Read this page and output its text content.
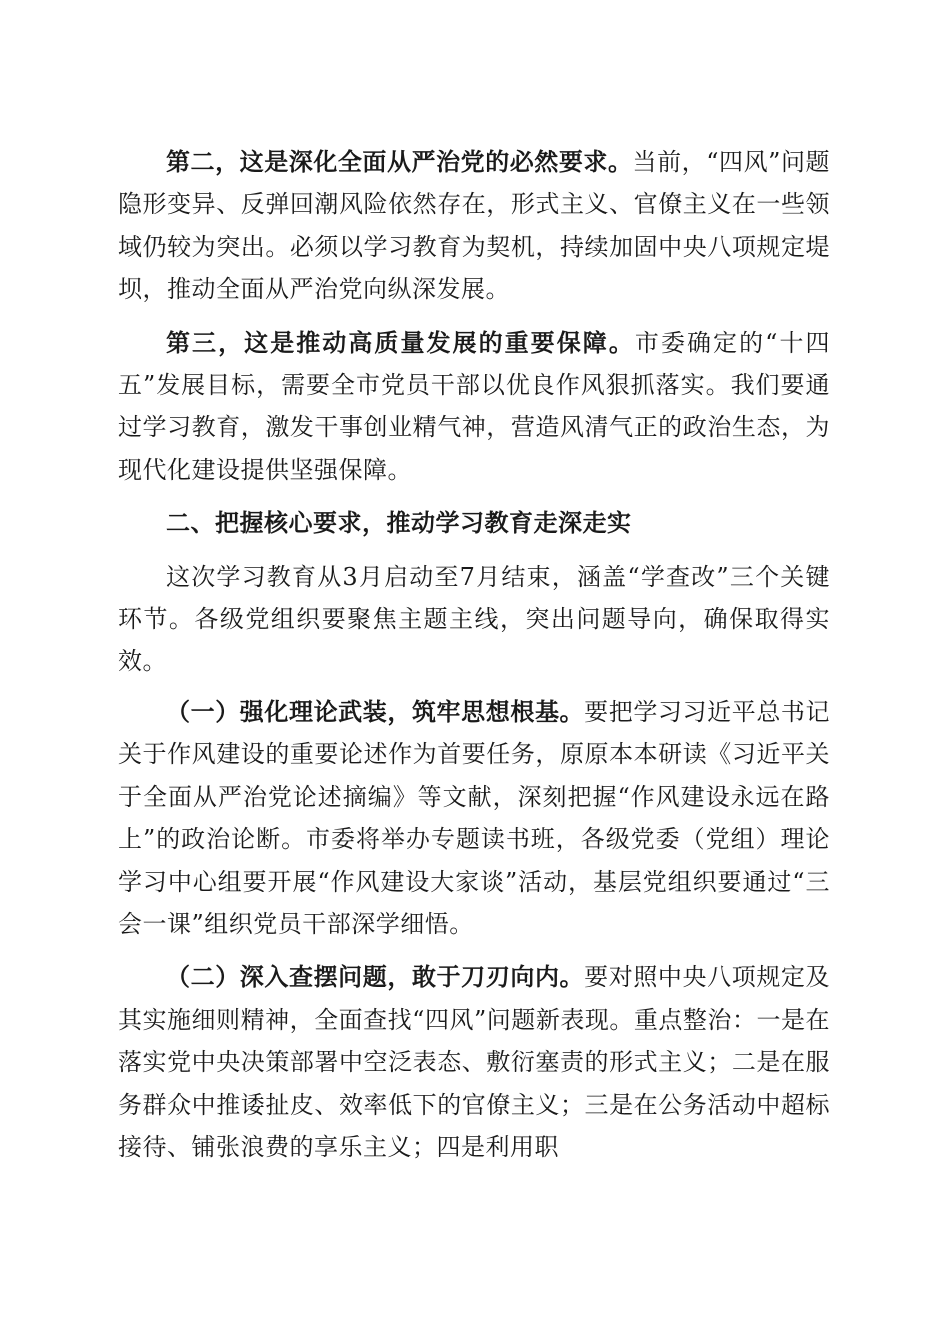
第二，这是深化全面从严治党的必然要求。当前，“四风”问题隐形变异、反弹回潮风险依然存在，形式主义、官僚主义在一些领域仍较为突出。必须以学习教育为契机，持续加固中央八项规定堤坝，推动全面从严治党向纵深发展。

第三，这是推动高质量发展的重要保障。市委确定的“十四五”发展目标，需要全市党员干部以优良作风狠抓落实。我们要通过学习教育，激发干事创业精气神，营造风清气正的政治生态，为现代化建设提供坚强保障。

二、把握核心要求，推动学习教育走深走实

这次学习教育从3月启动至7月结束，涵盖“学查改”三个关键环节。各级党组织要聚焦主题主线，突出问题导向，确保取得实效。

（一）强化理论武装，筑牢思想根基。要把学习习近平总书记关于作风建设的重要论述作为首要任务，原原本本研读《习近平关于全面从严治党论述摘编》等文献，深刻把握“作风建设永远在路上”的政治论断。市委将举办专题读书班，各级党委（党组）理论学习中心组要开展“作风建设大家谈”活动，基层党组织要通过“三会一课”组织党员干部深学细悟。

（二）深入查摆问题，敢于刀刃向内。要对照中央八项规定及其实施细则精神，全面查找“四风”问题新表现。重点整治：一是在落实党中央决策部署中空泛表态、敷衍塞责的形式主义；二是在服务群众中推诿扯皮、效率低下的官僚主义；三是在公务活动中超标接待、铺张浪费的享乐主义；四是利用职
